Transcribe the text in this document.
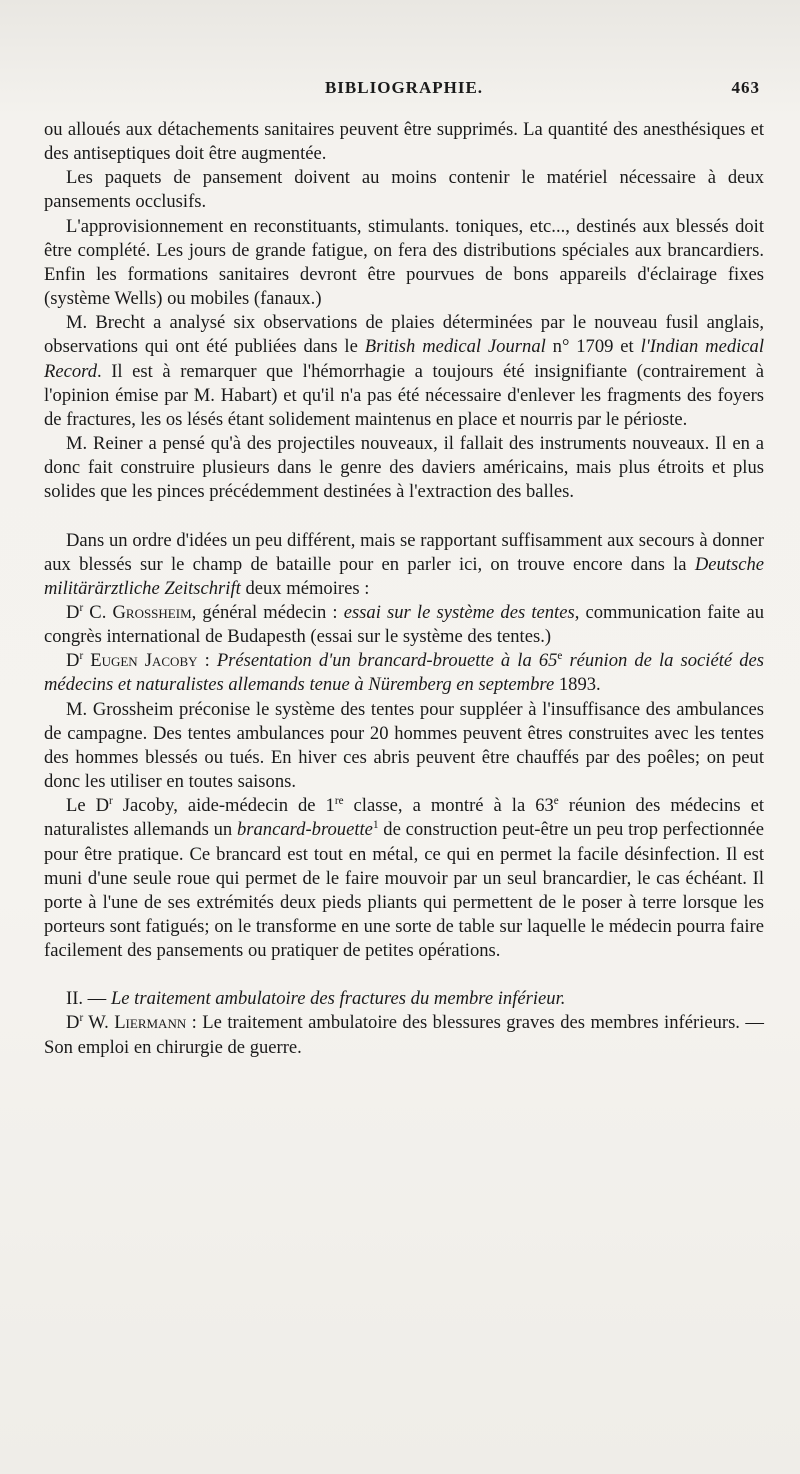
BIBLIOGRAPHIE.	463

ou alloués aux détachements sanitaires peuvent être supprimés. La quantité des anesthésiques et des antiseptiques doit être augmentée.

Les paquets de pansement doivent au moins contenir le matériel nécessaire à deux pansements occlusifs.

L'approvisionnement en reconstituants, stimulants. toniques, etc..., destinés aux blessés doit être complété. Les jours de grande fatigue, on fera des distributions spéciales aux brancardiers. Enfin les formations sanitaires devront être pourvues de bons appareils d'éclairage fixes (système Wells) ou mobiles (fanaux.)

M. Brecht a analysé six observations de plaies déterminées par le nouveau fusil anglais, observations qui ont été publiées dans le British medical Journal n° 1709 et l'Indian medical Record. Il est à remarquer que l'hémorrhagie a toujours été insignifiante (contrairement à l'opinion émise par M. Habart) et qu'il n'a pas été nécessaire d'enlever les fragments des foyers de fractures, les os lésés étant solidement maintenus en place et nourris par le périoste.

M. Reiner a pensé qu'à des projectiles nouveaux, il fallait des instruments nouveaux. Il en a donc fait construire plusieurs dans le genre des daviers américains, mais plus étroits et plus solides que les pinces précédemment destinées à l'extraction des balles.

Dans un ordre d'idées un peu différent, mais se rapportant suffisamment aux secours à donner aux blessés sur le champ de bataille pour en parler ici, on trouve encore dans la Deutsche militärärztliche Zeitschrift deux mémoires :

$D^r$ C. Grossheim, général médecin : essai sur le système des tentes, communication faite au congrès international de Budapesth (essai sur le système des tentes.)

$D^r$ Eugen Jacoby : Présentation d'un brancard-brouette à la 65e réunion de la société des médecins et naturalistes allemands tenue à Nüremberg en septembre 1893.

M. Grossheim préconise le système des tentes pour suppléer à l'insuffisance des ambulances de campagne. Des tentes ambulances pour 20 hommes peuvent êtres construites avec les tentes des hommes blessés ou tués. En hiver ces abris peuvent être chauffés par des poêles; on peut donc les utiliser en toutes saisons.

Le $D^r$ Jacoby, aide-médecin de 1re classe, a montré à la 63e réunion des médecins et naturalistes allemands un brancard-brouette$^1$ de construction peut-être un peu trop perfectionnée pour être pratique. Ce brancard est tout en métal, ce qui en permet la facile désinfection. Il est muni d'une seule roue qui permet de le faire mouvoir par un seul brancardier, le cas échéant. Il porte à l'une de ses extrémités deux pieds pliants qui permettent de le poser à terre lorsque les porteurs sont fatigués; on le transforme en une sorte de table sur laquelle le médecin pourra faire facilement des pansements ou pratiquer de petites opérations.

II. — Le traitement ambulatoire des fractures du membre inférieur.

$D^r$ W. Liermann : Le traitement ambulatoire des blessures graves des membres inférieurs. — Son emploi en chirurgie de guerre.
